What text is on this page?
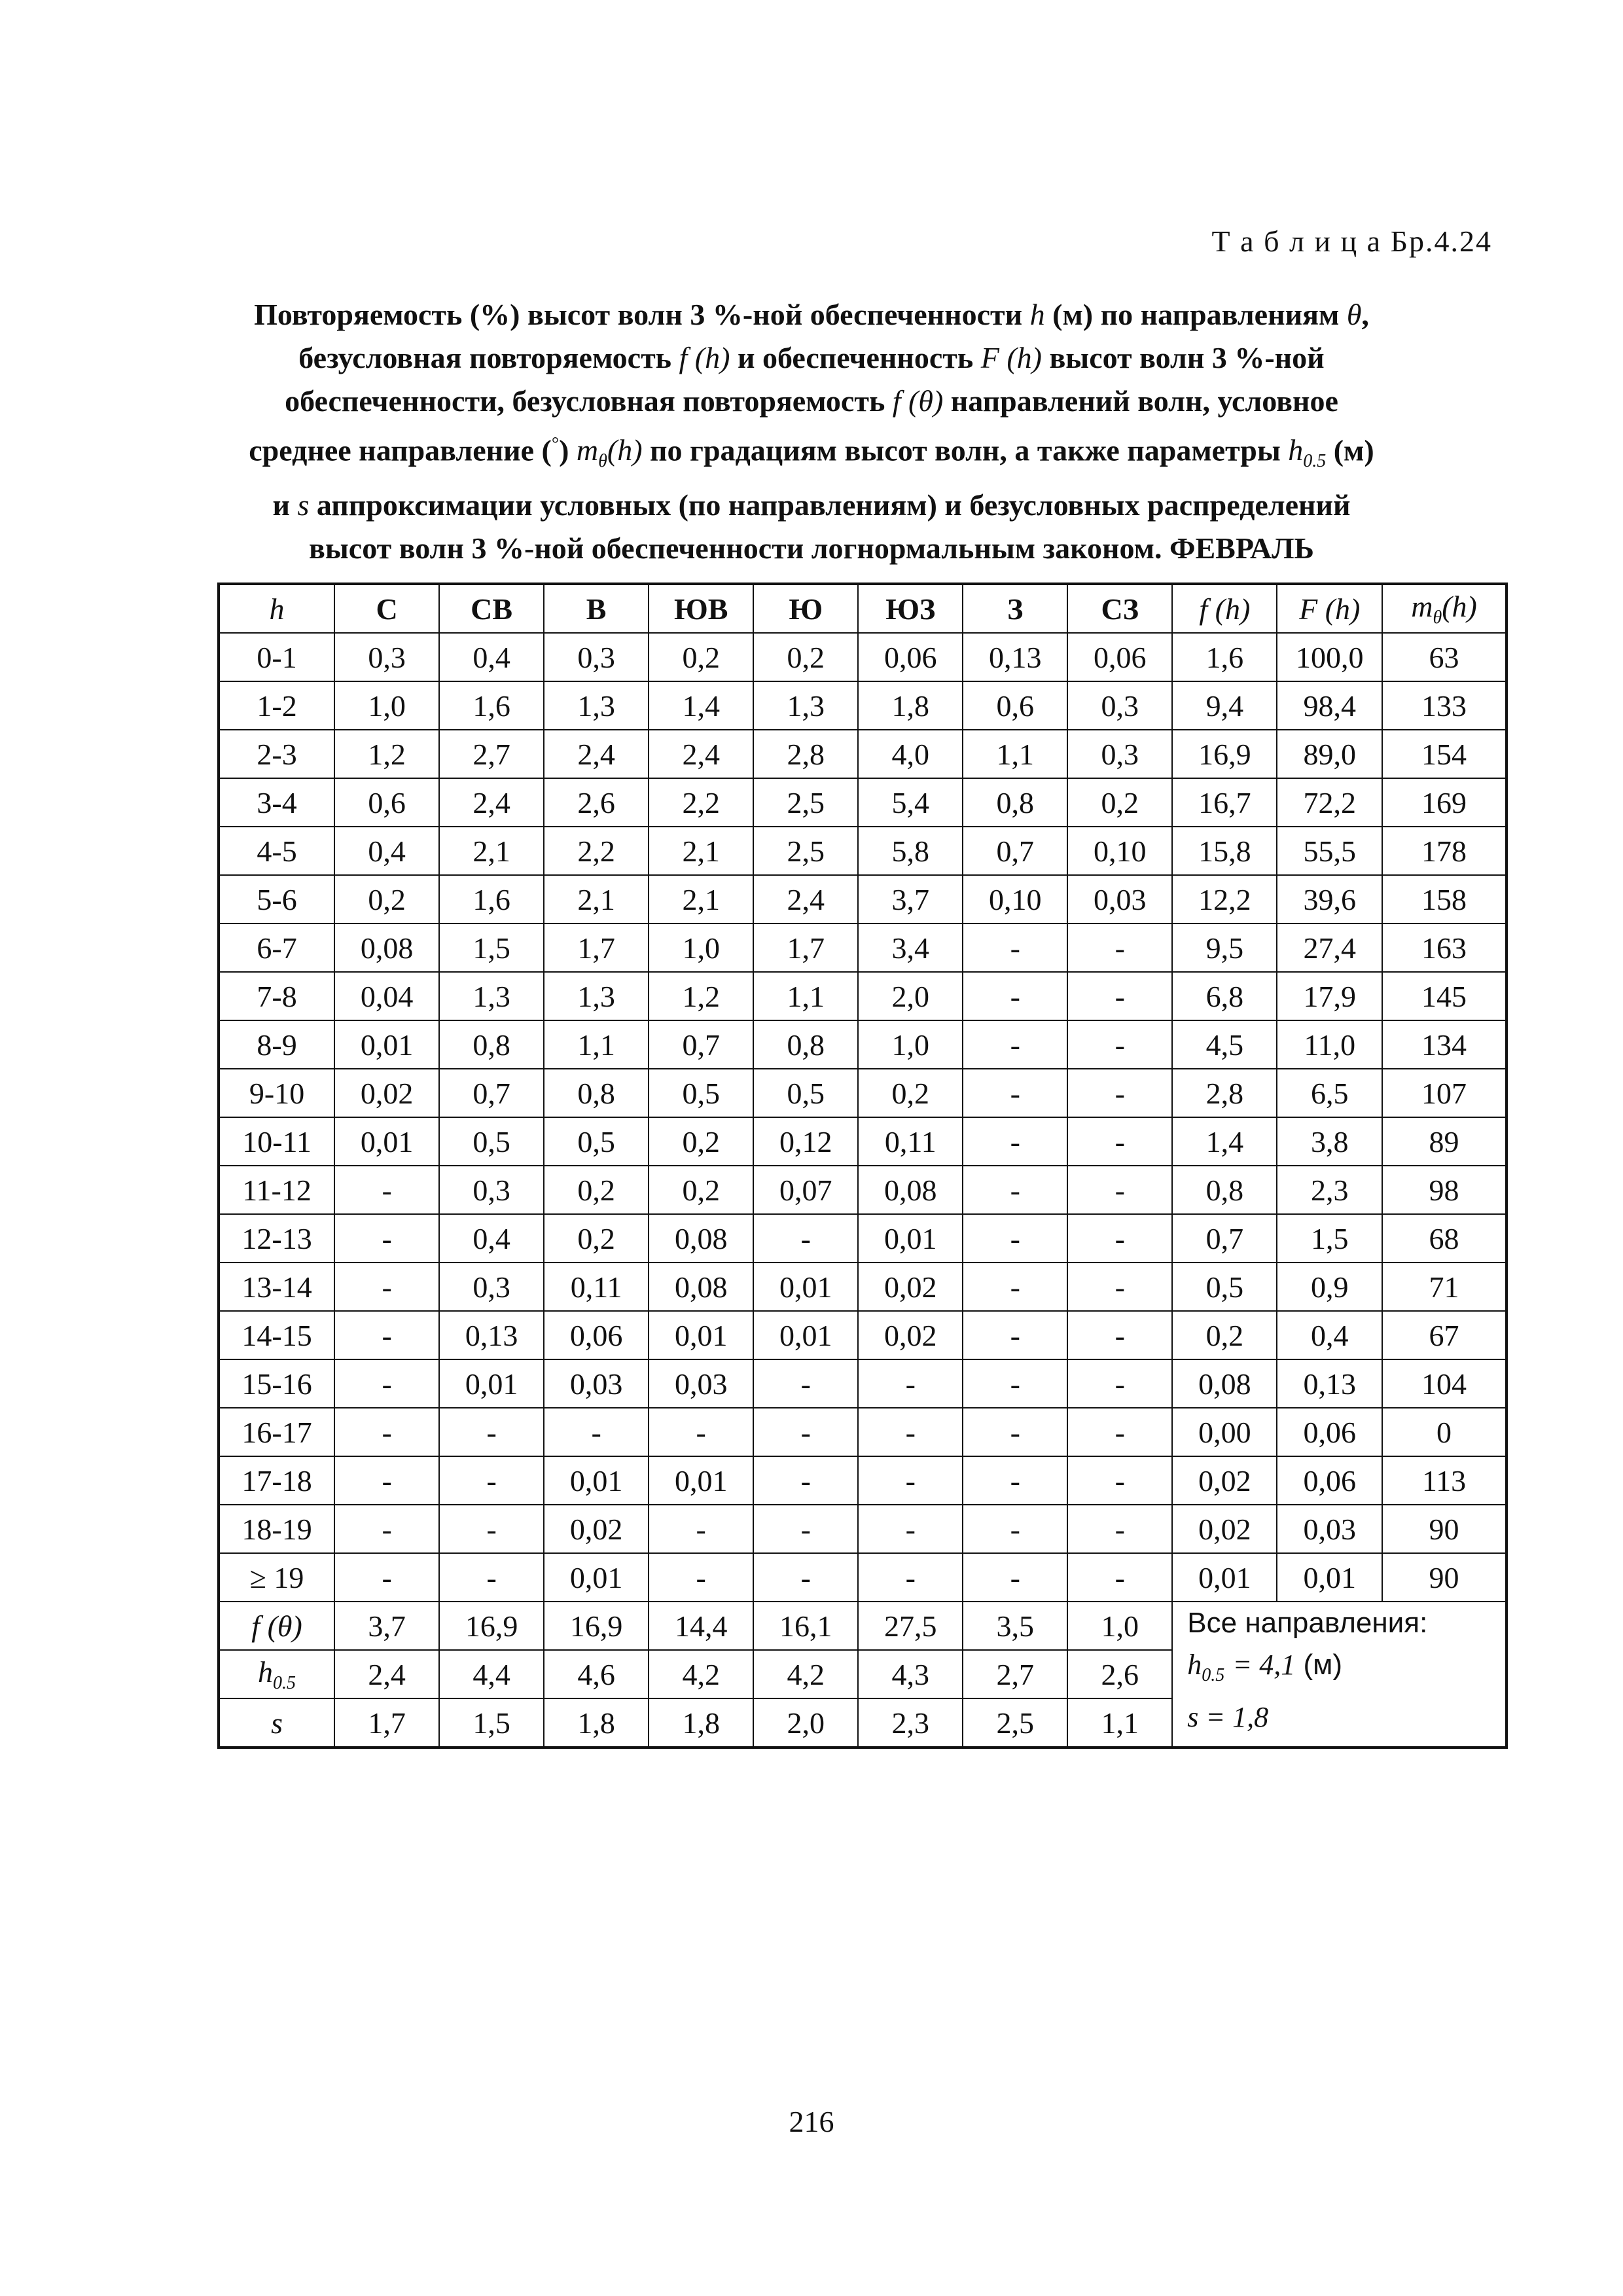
Т а б л и ц а Бр.4.24
Повторяемость (%) высот волн 3 %-ной обеспеченности h (м) по направлениям θ,
безусловная повторяемость f (h) и обеспеченность F (h) высот волн 3 %-ной
обеспеченности, безусловная повторяемость f (θ) направлений волн, условное
среднее направление $(^\circ)$ $m_\theta(h)$ по градациям высот волн, а также параметры $h_{0.5}$ (м)
и s аппроксимации условных (по направлениям) и безусловных распределений
высот волн 3 %-ной обеспеченности логнормальным законом. ФЕВРАЛЬ
h	С	СВ	В	ЮВ	Ю	ЮЗ	З	СЗ	f (h)	F (h)	$m_\theta(h)$
0-1	0,3	0,4	0,3	0,2	0,2	0,06	0,13	0,06	1,6	100,0	63
1-2	1,0	1,6	1,3	1,4	1,3	1,8	0,6	0,3	9,4	98,4	133
2-3	1,2	2,7	2,4	2,4	2,8	4,0	1,1	0,3	16,9	89,0	154
3-4	0,6	2,4	2,6	2,2	2,5	5,4	0,8	0,2	16,7	72,2	169
4-5	0,4	2,1	2,2	2,1	2,5	5,8	0,7	0,10	15,8	55,5	178
5-6	0,2	1,6	2,1	2,1	2,4	3,7	0,10	0,03	12,2	39,6	158
6-7	0,08	1,5	1,7	1,0	1,7	3,4	-	-	9,5	27,4	163
7-8	0,04	1,3	1,3	1,2	1,1	2,0	-	-	6,8	17,9	145
8-9	0,01	0,8	1,1	0,7	0,8	1,0	-	-	4,5	11,0	134
9-10	0,02	0,7	0,8	0,5	0,5	0,2	-	-	2,8	6,5	107
10-11	0,01	0,5	0,5	0,2	0,12	0,11	-	-	1,4	3,8	89
11-12	-	0,3	0,2	0,2	0,07	0,08	-	-	0,8	2,3	98
12-13	-	0,4	0,2	0,08	-	0,01	-	-	0,7	1,5	68
13-14	-	0,3	0,11	0,08	0,01	0,02	-	-	0,5	0,9	71
14-15	-	0,13	0,06	0,01	0,01	0,02	-	-	0,2	0,4	67
15-16	-	0,01	0,03	0,03	-	-	-	-	0,08	0,13	104
16-17	-	-	-	-	-	-	-	-	0,00	0,06	0
17-18	-	-	0,01	0,01	-	-	-	-	0,02	0,06	113
18-19	-	-	0,02	-	-	-	-	-	0,02	0,03	90
≥ 19	-	-	0,01	-	-	-	-	-	0,01	0,01	90
f (θ)	3,7	16,9	16,9	14,4	16,1	27,5	3,5	1,0	Все направления:
$h_{0.5} = 4,1$ (м)
s = 1,8		

$h_{0.5}$	2,4	4,4	4,6	4,2	4,2	4,3	2,7	2,6			
s	1,7	1,5	1,8	1,8	2,0	2,3	2,5	1,1			
216
